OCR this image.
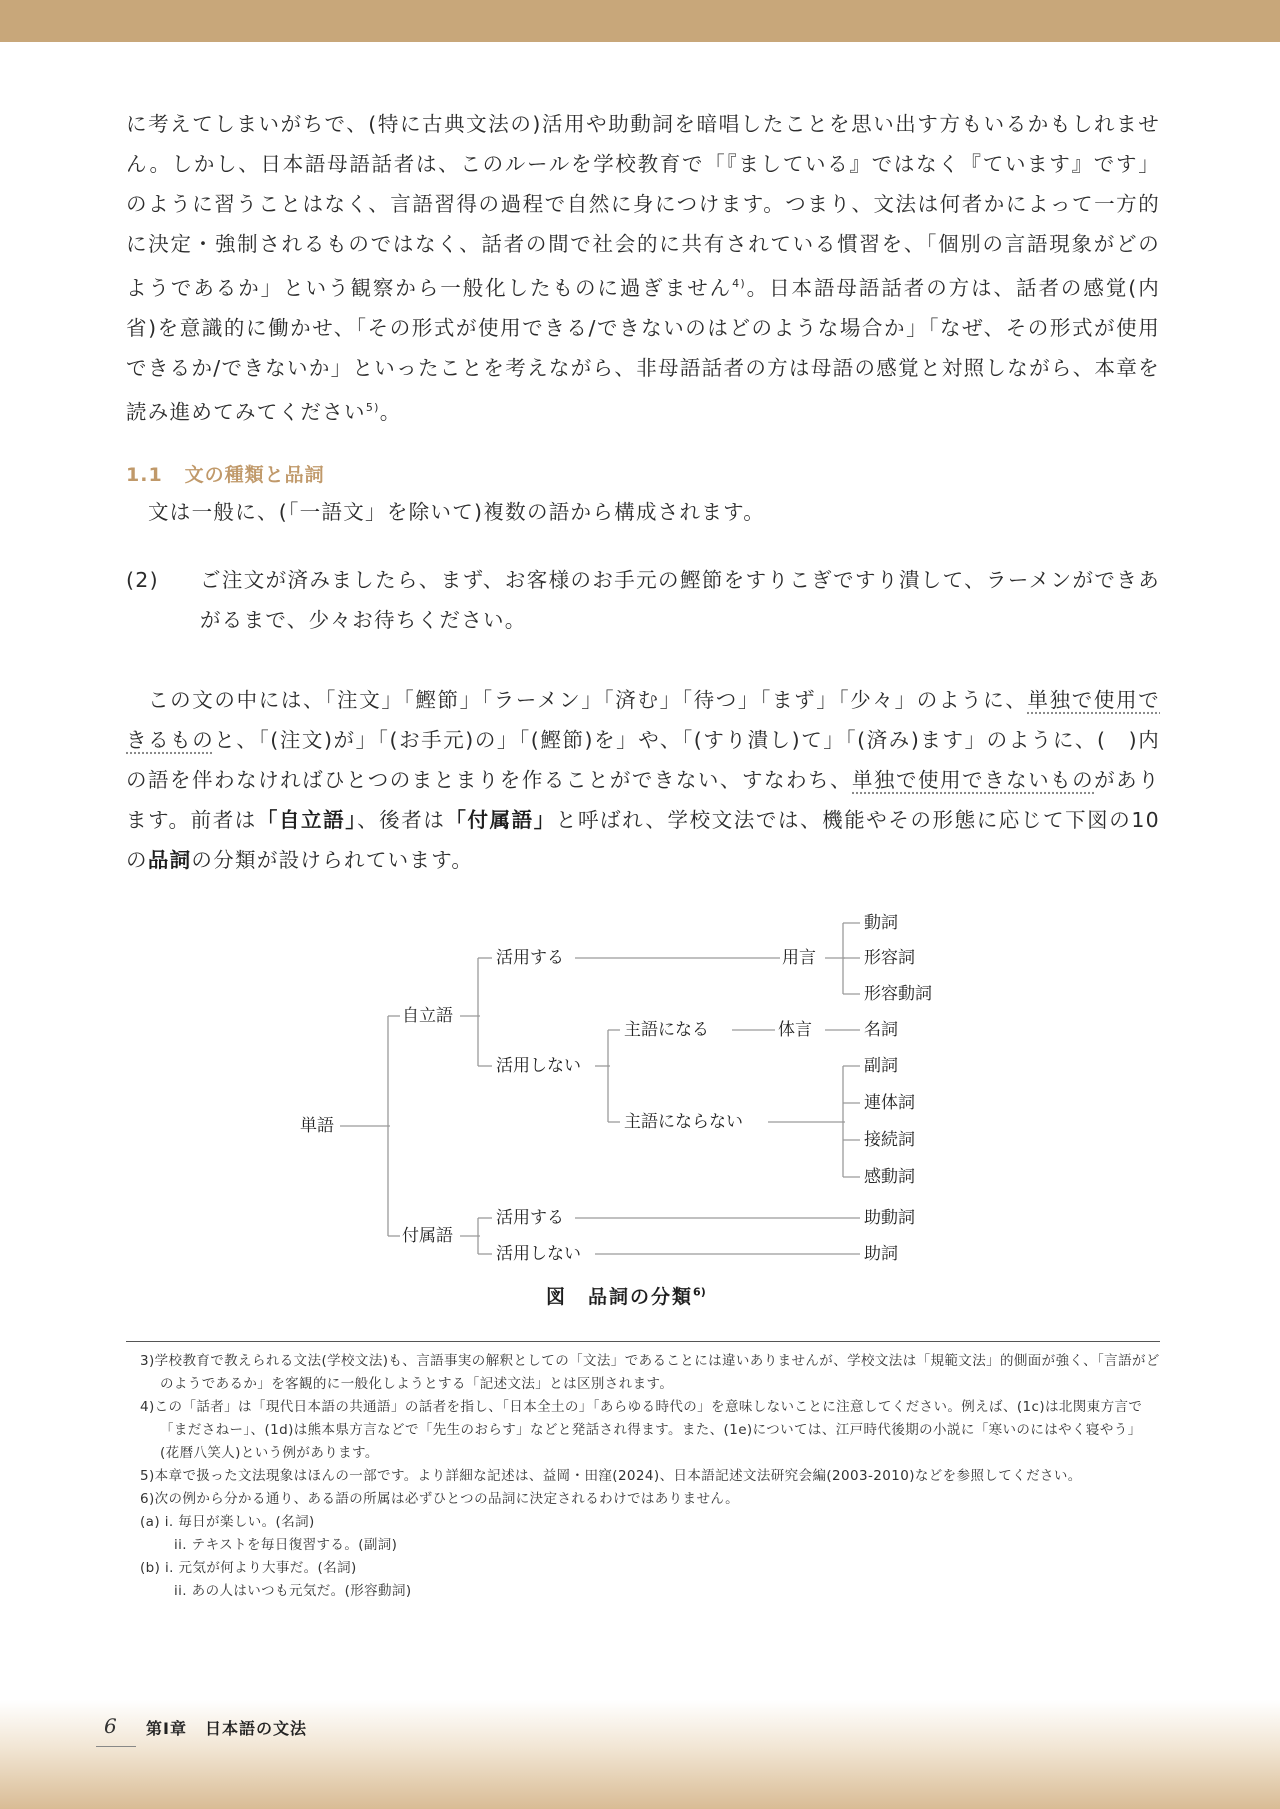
に考えてしまいがちで、(特に古典文法の)活用や助動詞を暗唱したことを思い出す方もいるかもしれません。しかし、日本語母語話者は、このルールを学校教育で「『ましている』ではなく『ています』です」のように習うことはなく、言語習得の過程で自然に身につけます。つまり、文法は何者かによって一方的に決定・強制されるものではなく、話者の間で社会的に共有されている慣習を、「個別の言語現象がどのようであるか」という観察から一般化したものに過ぎません$^{4)}$。日本語母語話者の方は、話者の感覚(内省)を意識的に働かせ、「その形式が使用できる/できないのはどのような場合か」「なぜ、その形式が使用できるか/できないか」といったことを考えながら、非母語話者の方は母語の感覚と対照しながら、本章を読み進めてみてください$^{5)}$。

1.1 文の種類と品詞

文は一般に、(「一語文」を除いて)複数の語から構成されます。

(2)	ご注文が済みましたら、まず、お客様のお手元の鰹節をすりこぎですり潰して、ラーメンができあがるまで、少々お待ちください。

この文の中には、「注文」「鰹節」「ラーメン」「済む」「待つ」「まず」「少々」のように、単独で使用できるものと、「(注文)が」「(お手元)の」「(鰹節)を」や、「(すり潰し)て」「(済み)ます」のように、(　)内の語を伴わなければひとつのまとまりを作ることができない、すなわち、単独で使用できないものがあります。前者は「自立語」、後者は「付属語」と呼ばれ、学校文法では、機能やその形態に応じて下図の10の品詞の分類が設けられています。

単語
自立語
付属語
活用する
活用しない
用言
主語になる	体言
主語にならない
活用する
活用しない
動詞
形容詞
形容動詞
名詞
副詞
連体詞
接続詞
感動詞
助動詞
助詞
図　 品詞の分類$^{6)}$
3)学校教育で教えられる文法(学校文法)も、言語事実の解釈としての「文法」であることには違いありませんが、学校文法は「規範文法」的側面が強く、「言語がどのようであるか」を客観的に一般化しようとする「記述文法」とは区別されます。
4)この「話者」は「現代日本語の共通語」の話者を指し、「日本全土の」「あらゆる時代の」を意味しないことに注意してください。例えば、(1c)は北関東方言で「まださねー」、(1d)は熊本県方言などで「先生のおらす」などと発話され得ます。また、(1e)については、江戸時代後期の小説に「寒いのにはやく寝やう」(花暦八笑人)という例があります。
5)本章で扱った文法現象はほんの一部です。より詳細な記述は、益岡・田窪(2024)、日本語記述文法研究会編(2003-2010)などを参照してください。
6)次の例から分かる通り、ある語の所属は必ずひとつの品詞に決定されるわけではありません。
(a) i. 毎日が楽しい。(名詞)
ii. テキストを毎日復習する。(副詞)
(b) i. 元気が何より大事だ。(名詞)
ii. あの人はいつも元気だ。(形容動詞)
6 第Ⅰ章 日本語の文法
